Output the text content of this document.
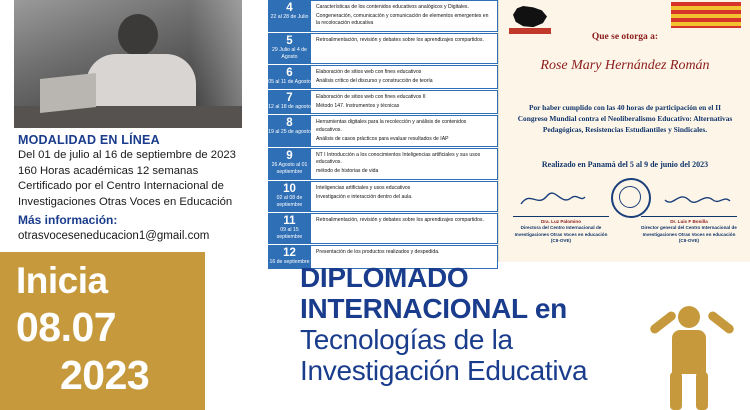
MODALIDAD EN LÍNEA
Del 01 de julio al 16 de septiembre de 2023
160 Horas académicas 12 semanas
Certificado por el Centro Internacional de
Investigaciones Otras Voces en Educación
Más información:
otrasvoceseneducacion1@gmail.com
Inicia
08.07
2023
4
22 al 28 de Julio

Características de los contenidos educativos analógicos y Digitales.

Congeneración, comunicación y comunicación de elementos emergentes en la recolocación educativa

5
29 Julio al 4 de Agosto

Retroalimentación, revisión y debates sobre los aprendizajes compartidos.

6
05 al 11 de Agosto

Elaboración de sitios web con fines educativos

Análisis crítico del discurso y construcción de teoría

7
12 al 18 de agosto

Elaboración de sitios web con fines educativos II

Método 147. Instrumentos y técnicas

8
19 al 25 de agosto

Herramientas digitales para la recolección y análisis de contenidos educativos.

Análisis de casos prácticos para evaluar resultados de IAP

9
26 Agosto al 01 septiembre

NT I Introducción a los conocimientos Inteligencias artificiales y sus usos educativos.

método de historias de vida

10
02 al 08 de septiembre

Inteligencias artificiales y usos educativos

Investigación e interacción dentro del aula.

11
09 al 15 septiembre

Retroalimentación, revisión y debates sobre los aprendizajes compartidos.

12
16 de septiembre

Presentación de los productos realizados y despedida.

Que se otorga a:
Rose Mary Hernández Román
Por haber cumplido con las 40 horas de participación en el II Congreso Mundial contra el Neoliberalismo Educativo: Alternativas Pedagógicas, Resistencias Estudiantiles y Sindicales.
Realizado en Panamá del 5 al 9 de junio del 2023
Dra. Luz Palomino
Directora del Centro Internacional de Investigaciones Otras Voces en educación (CII-OVE)
Dr. Luis F Bonilla
Director general del Centro Internacional de Investigaciones Otras Voces en educación (CII-OVE)
DIPLOMADO
INTERNACIONAL en
Tecnologías de la
Investigación Educativa
